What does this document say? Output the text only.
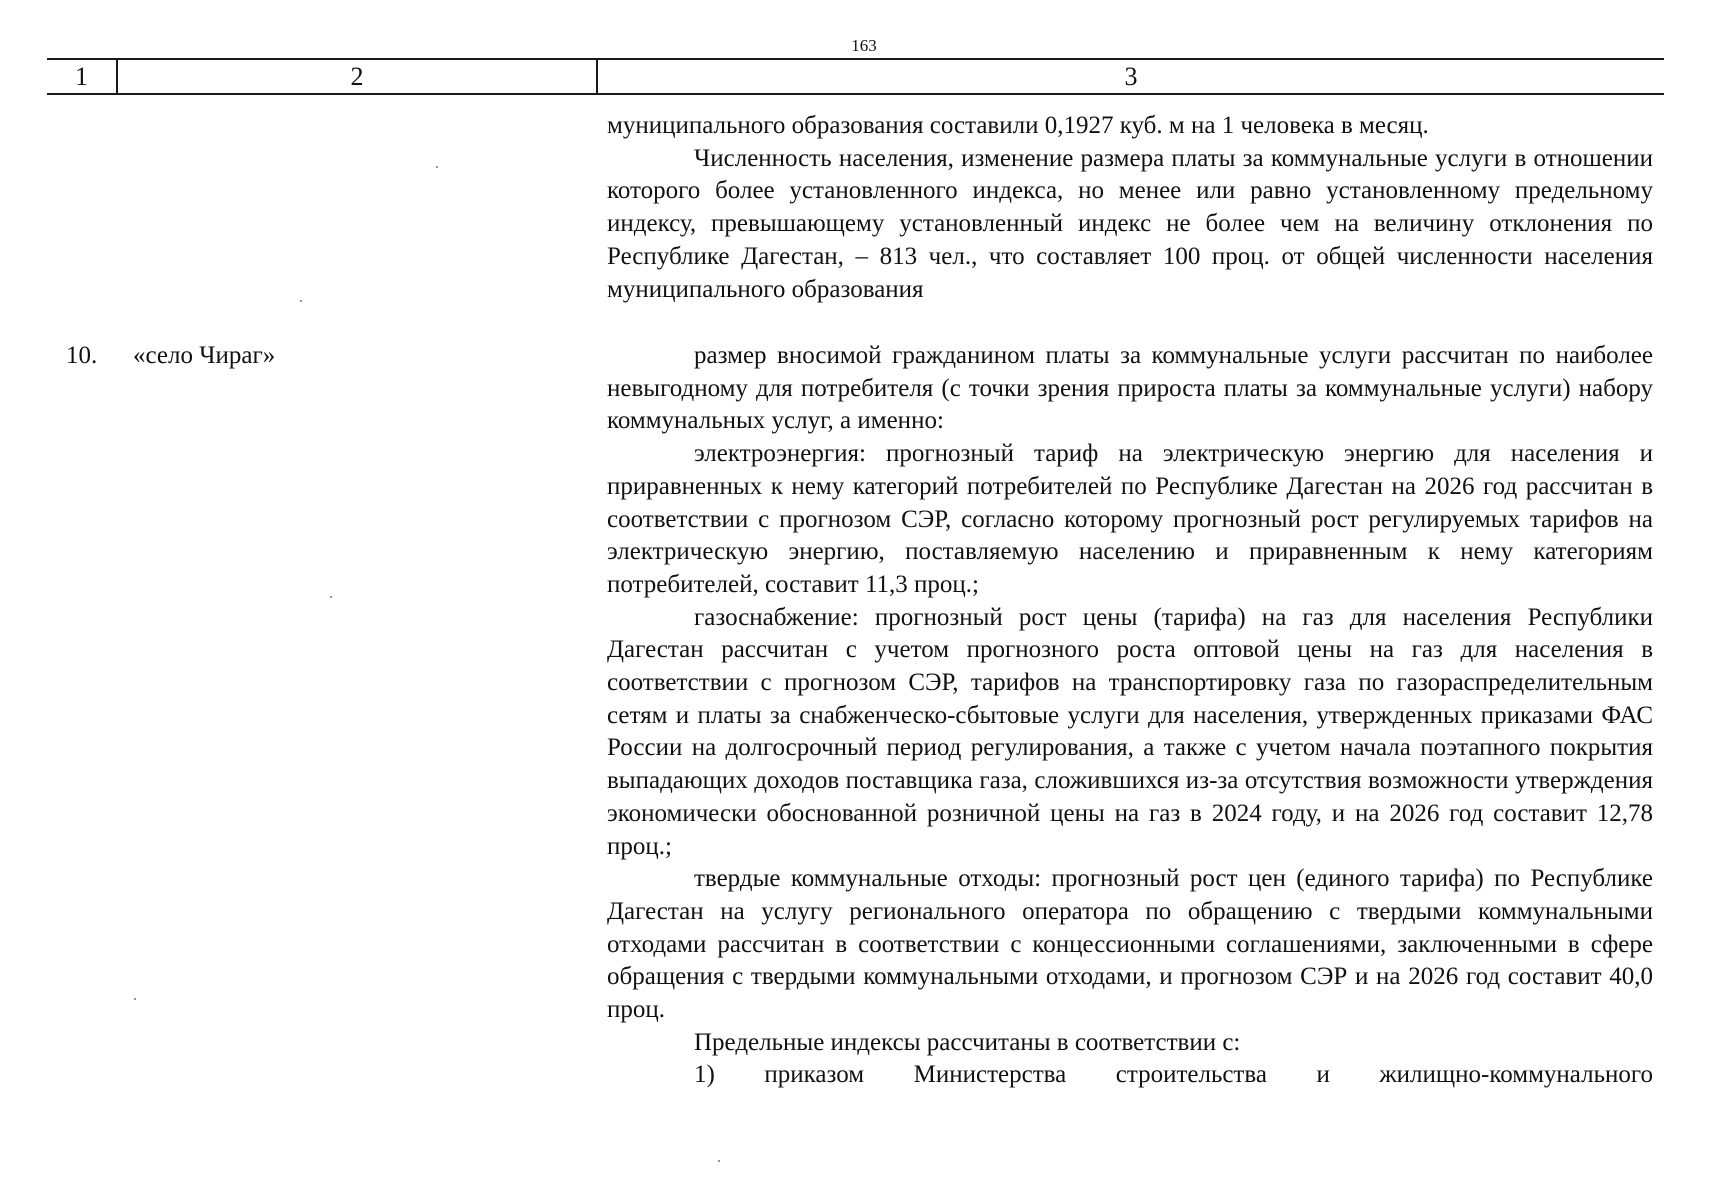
163
1	2	3

муниципального образования составили 0,1927 куб. м на 1 человека в месяц.

Численность населения, изменение размера платы за коммунальные услуги в отношении которого более установленного индекса, но менее или равно установленному предельному индексу, превышающему установленный индекс не более чем на величину отклонения по Республике Дагестан, – 813 чел., что составляет 100 проц. от общей численности населения муниципального образования

10. «село Чираг»	размер вносимой гражданином платы за коммунальные услуги рассчитан по наиболее невыгодному для потребителя (с точки зрения прироста платы за коммунальные услуги) набору коммунальных услуг, а именно:

электроэнергия: прогнозный тариф на электрическую энергию для населения и приравненных к нему категорий потребителей по Республике Дагестан на 2026 год рассчитан в соответствии с прогнозом СЭР, согласно которому прогнозный рост регулируемых тарифов на электрическую энергию, поставляемую населению и приравненным к нему категориям потребителей, составит 11,3 проц.;

газоснабжение: прогнозный рост цены (тарифа) на газ для населения Республики Дагестан рассчитан с учетом прогнозного роста оптовой цены на газ для населения в соответствии с прогнозом СЭР, тарифов на транспортировку газа по газораспределительным сетям и платы за снабженческо-сбытовые услуги для населения, утвержденных приказами ФАС России на долгосрочный период регулирования, а также с учетом начала поэтапного покрытия выпадающих доходов поставщика газа, сложившихся из-за отсутствия возможности утверждения экономически обоснованной розничной цены на газ в 2024 году, и на 2026 год составит 12,78 проц.;

твердые коммунальные отходы: прогнозный рост цен (единого тарифа) по Республике Дагестан на услугу регионального оператора по обращению с твердыми коммунальными отходами рассчитан в соответствии с концессионными соглашениями, заключенными в сфере обращения с твердыми коммунальными отходами, и прогнозом СЭР и на 2026 год составит 40,0 проц.

Предельные индексы рассчитаны в соответствии с:

1) приказом Министерства строительства и жилищно-коммунального
